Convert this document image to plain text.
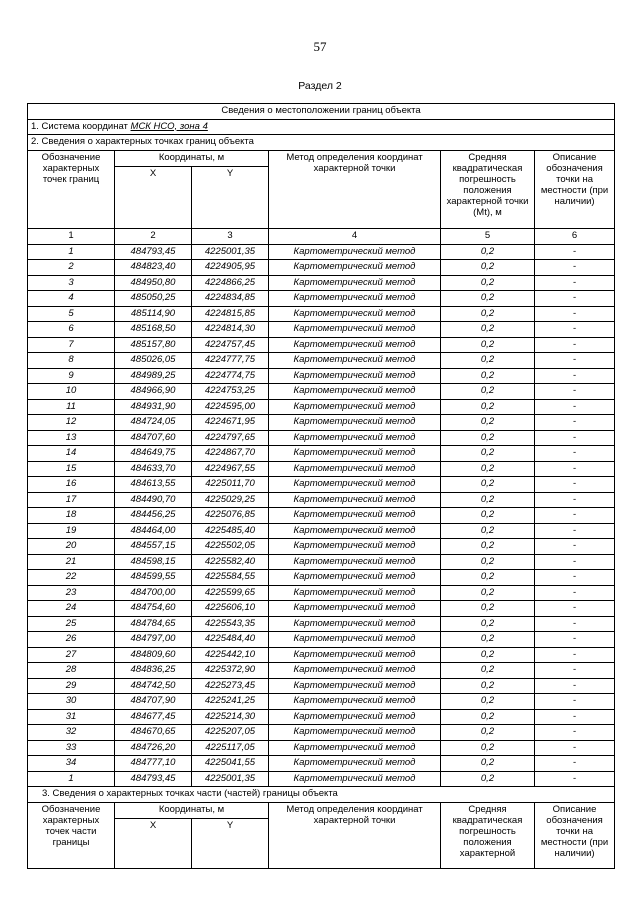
57
Раздел 2
Сведения о местоположении границ объекта					
1. Система координат МСК НСО, зона 4					
2. Сведения о характерных точках границ объекта					
Обозначение характерных точек границ	Координаты, м		Метод определения координат характерной точки	Средняя квадратическая погрешность положения характерной точки (Mt), м	Описание обозначения точки на местности (при наличии)
	X	Y			
1	2	3	4	5	6
1	484793,45	4225001,35	Картометрический метод	0,2	-
2	484823,40	4224905,95	Картометрический метод	0,2	-
3	484950,80	4224866,25	Картометрический метод	0,2	-
4	485050,25	4224834,85	Картометрический метод	0,2	-
5	485114,90	4224815,85	Картометрический метод	0,2	-
6	485168,50	4224814,30	Картометрический метод	0,2	-
7	485157,80	4224757,45	Картометрический метод	0,2	-
8	485026,05	4224777,75	Картометрический метод	0,2	-
9	484989,25	4224774,75	Картометрический метод	0,2	-
10	484966,90	4224753,25	Картометрический метод	0,2	-
11	484931,90	4224595,00	Картометрический метод	0,2	-
12	484724,05	4224671,95	Картометрический метод	0,2	-
13	484707,60	4224797,65	Картометрический метод	0,2	-
14	484649,75	4224867,70	Картометрический метод	0,2	-
15	484633,70	4224967,55	Картометрический метод	0,2	-
16	484613,55	4225011,70	Картометрический метод	0,2	-
17	484490,70	4225029,25	Картометрический метод	0,2	-
18	484456,25	4225076,85	Картометрический метод	0,2	-
19	484464,00	4225485,40	Картометрический метод	0,2	-
20	484557,15	4225502,05	Картометрический метод	0,2	-
21	484598,15	4225582,40	Картометрический метод	0,2	-
22	484599,55	4225584,55	Картометрический метод	0,2	-
23	484700,00	4225599,65	Картометрический метод	0,2	-
24	484754,60	4225606,10	Картометрический метод	0,2	-
25	484784,65	4225543,35	Картометрический метод	0,2	-
26	484797,00	4225484,40	Картометрический метод	0,2	-
27	484809,60	4225442,10	Картометрический метод	0,2	-
28	484836,25	4225372,90	Картометрический метод	0,2	-
29	484742,50	4225273,45	Картометрический метод	0,2	-
30	484707,90	4225241,25	Картометрический метод	0,2	-
31	484677,45	4225214,30	Картометрический метод	0,2	-
32	484670,65	4225207,05	Картометрический метод	0,2	-
33	484726,20	4225117,05	Картометрический метод	0,2	-
34	484777,10	4225041,55	Картометрический метод	0,2	-
1	484793,45	4225001,35	Картометрический метод	0,2	-
3. Сведения о характерных точках части (частей) границы объекта					
Обозначение характерных точек части границы	Координаты, м		Метод определения координат характерной точки	Средняя квадратическая погрешность положения характерной	Описание обозначения точки на местности (при наличии)
	X	Y			
